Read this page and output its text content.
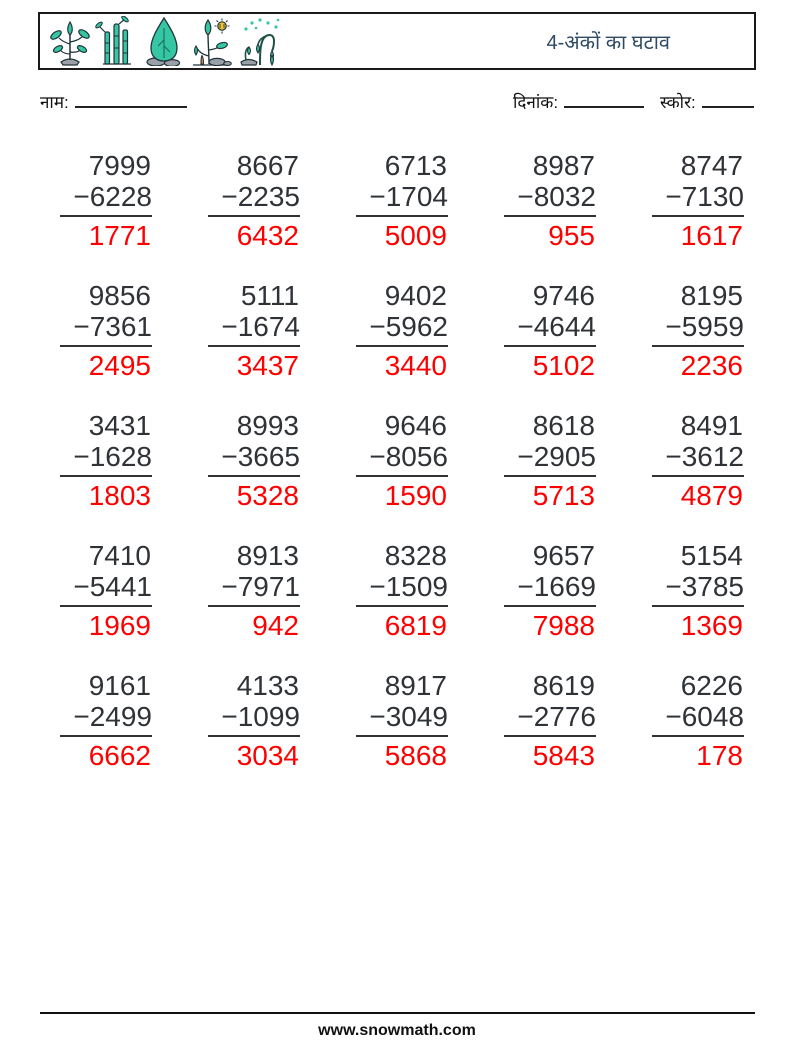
4-अंकों का घटाव
नाम:	दिनांक:	स्कोर:
7999
−6228
1771
8667
−2235
6432
6713
−1704
5009
8987
−8032
955
8747
−7130
1617
9856
−7361
2495
5111
−1674
3437
9402
−5962
3440
9746
−4644
5102
8195
−5959
2236
3431
−1628
1803
8993
−3665
5328
9646
−8056
1590
8618
−2905
5713
8491
−3612
4879
7410
−5441
1969
8913
−7971
942
8328
−1509
6819
9657
−1669
7988
5154
−3785
1369
9161
−2499
6662
4133
−1099
3034
8917
−3049
5868
8619
−2776
5843
6226
−6048
178
www.snowmath.com
